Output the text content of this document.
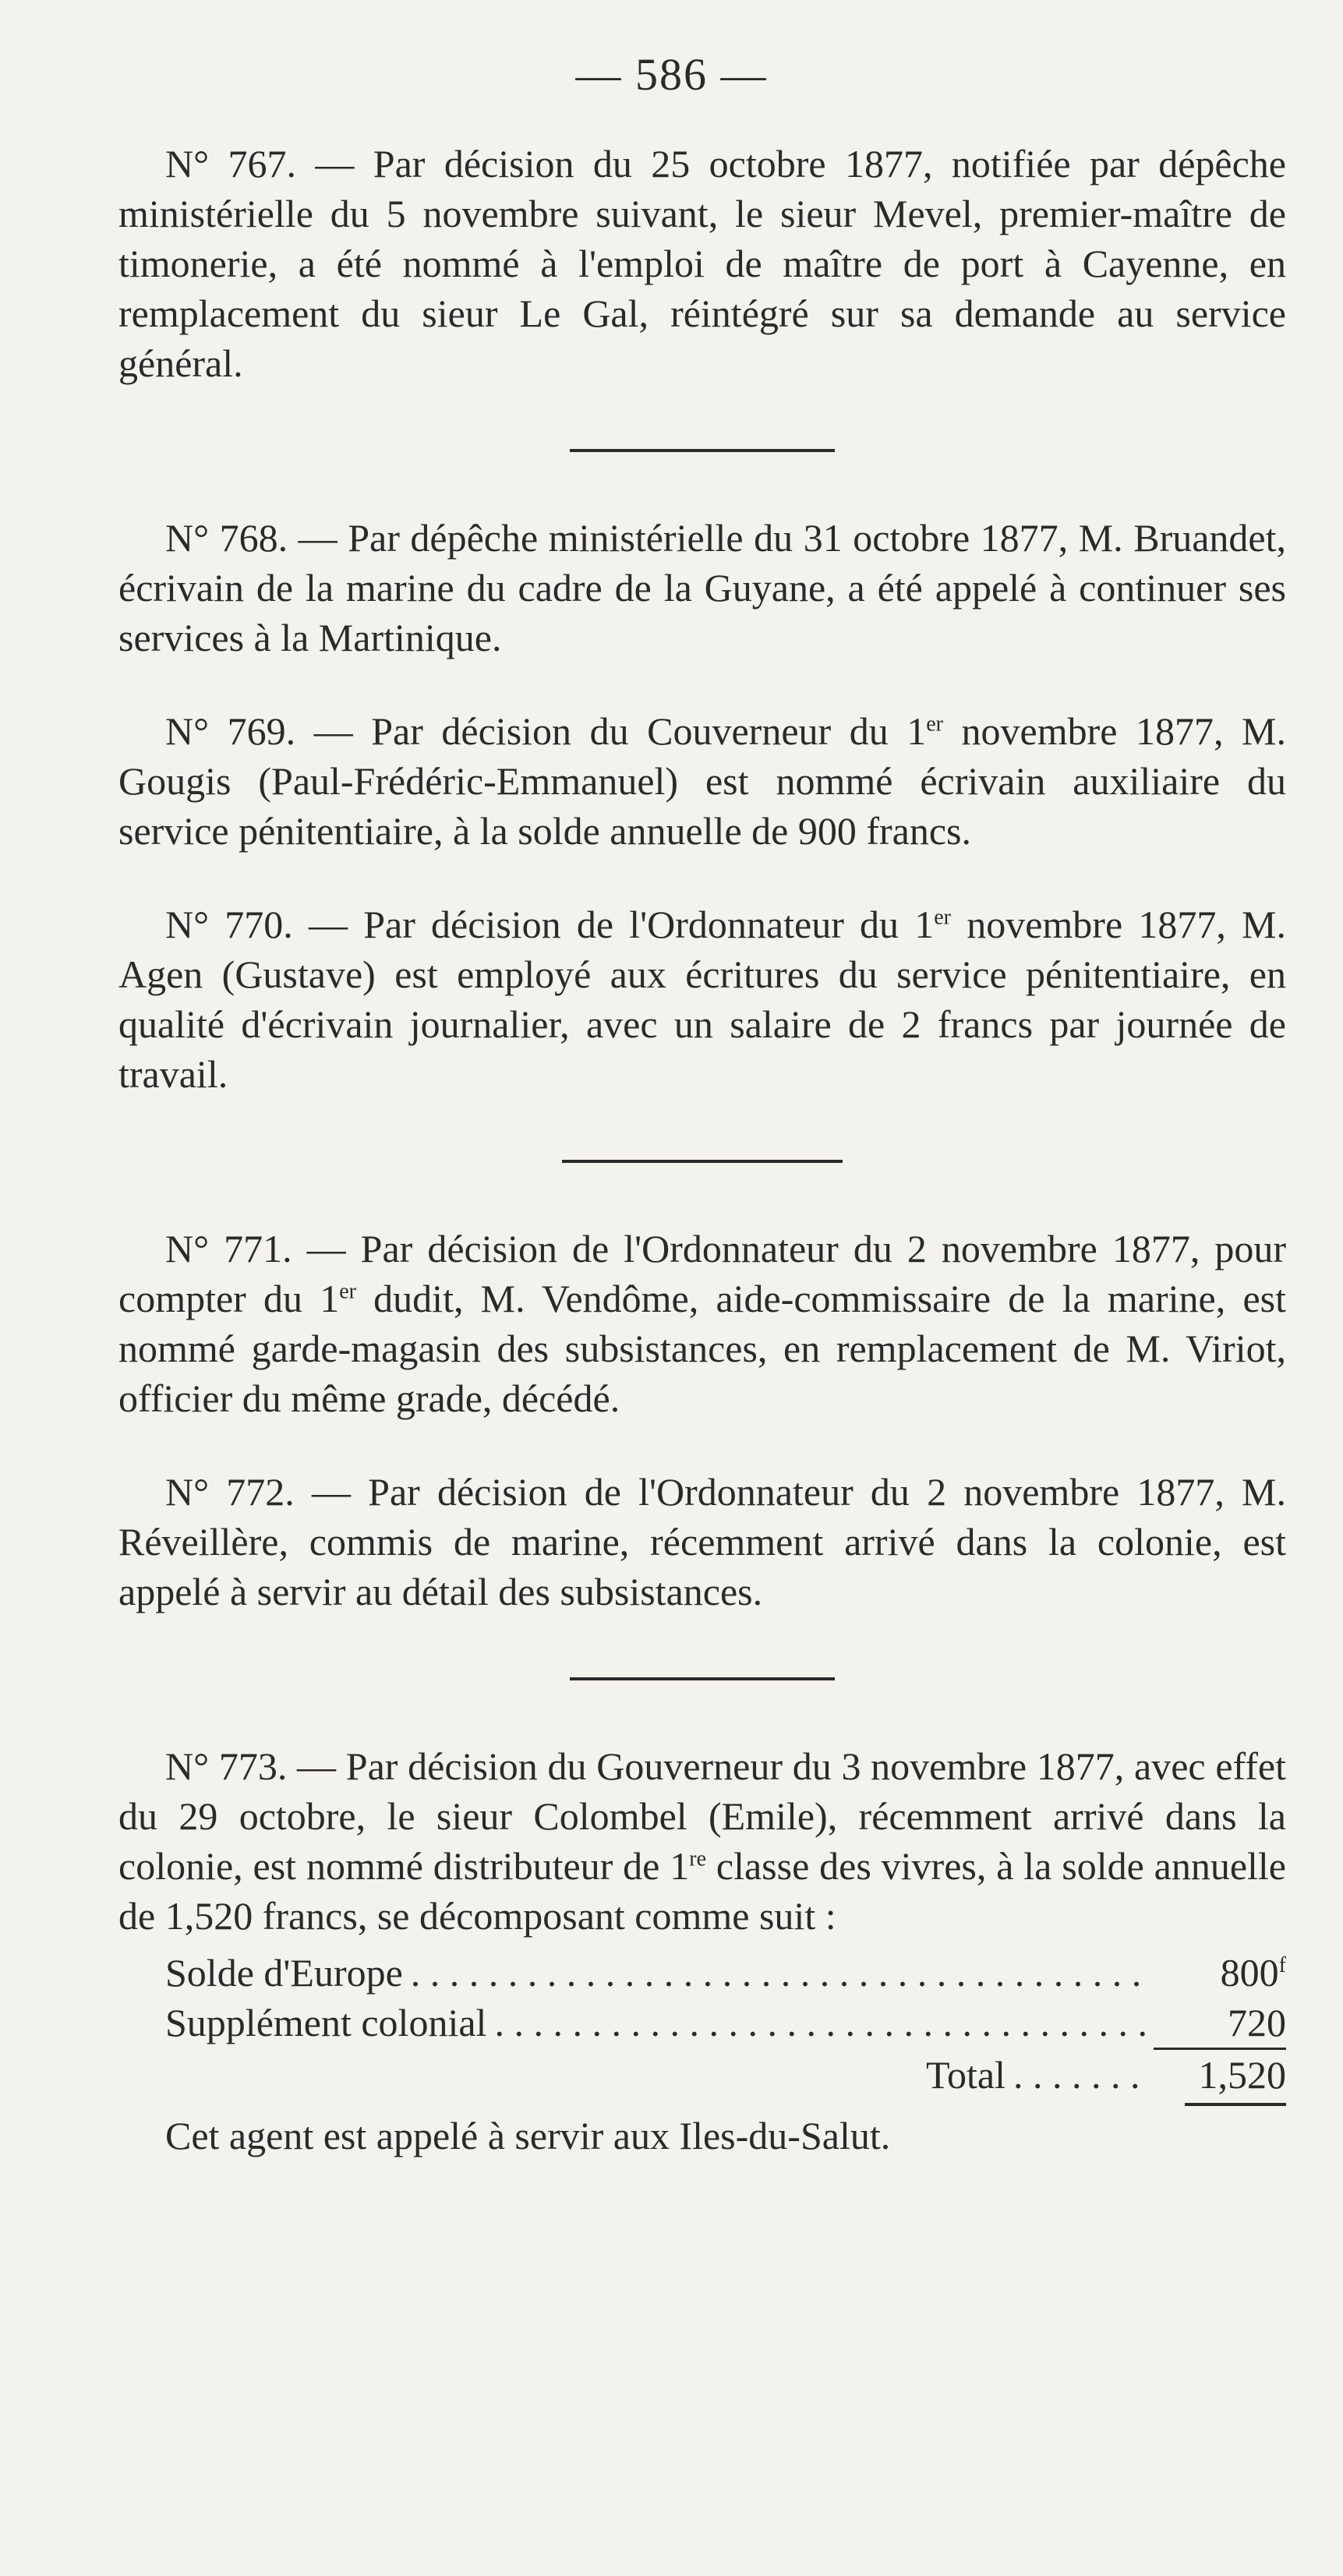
— 586 —

N° 767. — Par décision du 25 octobre 1877, notifiée par dépêche ministérielle du 5 novembre suivant, le sieur Mevel, premier-maître de timonerie, a été nommé à l'emploi de maître de port à Cayenne, en remplacement du sieur Le Gal, réintégré sur sa demande au service général.

N° 768. — Par dépêche ministérielle du 31 octobre 1877, M. Bruandet, écrivain de la marine du cadre de la Guyane, a été appelé à continuer ses services à la Martinique.

N° 769. — Par décision du Couverneur du 1er novembre 1877, M. Gougis (Paul-Frédéric-Emmanuel) est nommé écrivain auxiliaire du service pénitentiaire, à la solde annuelle de 900 francs.

N° 770. — Par décision de l'Ordonnateur du 1er novembre 1877, M. Agen (Gustave) est employé aux écritures du service pénitentiaire, en qualité d'écrivain journalier, avec un salaire de 2 francs par journée de travail.

N° 771. — Par décision de l'Ordonnateur du 2 novembre 1877, pour compter du 1er dudit, M. Vendôme, aide-commissaire de la marine, est nommé garde-magasin des subsistances, en remplacement de M. Viriot, officier du même grade, décédé.

N° 772. — Par décision de l'Ordonnateur du 2 novembre 1877, M. Réveillère, commis de marine, récemment arrivé dans la colonie, est appelé à servir au détail des subsistances.

N° 773. — Par décision du Gouverneur du 3 novembre 1877, avec effet du 29 octobre, le sieur Colombel (Emile), récemment arrivé dans la colonie, est nommé distributeur de 1re classe des vivres, à la solde annuelle de 1,520 francs, se décomposant comme suit :

Solde d'Europe . . .	800$^f$
Supplément colonial . . .	720
Total . . .	1,520

Cet agent est appelé à servir aux Iles-du-Salut.
